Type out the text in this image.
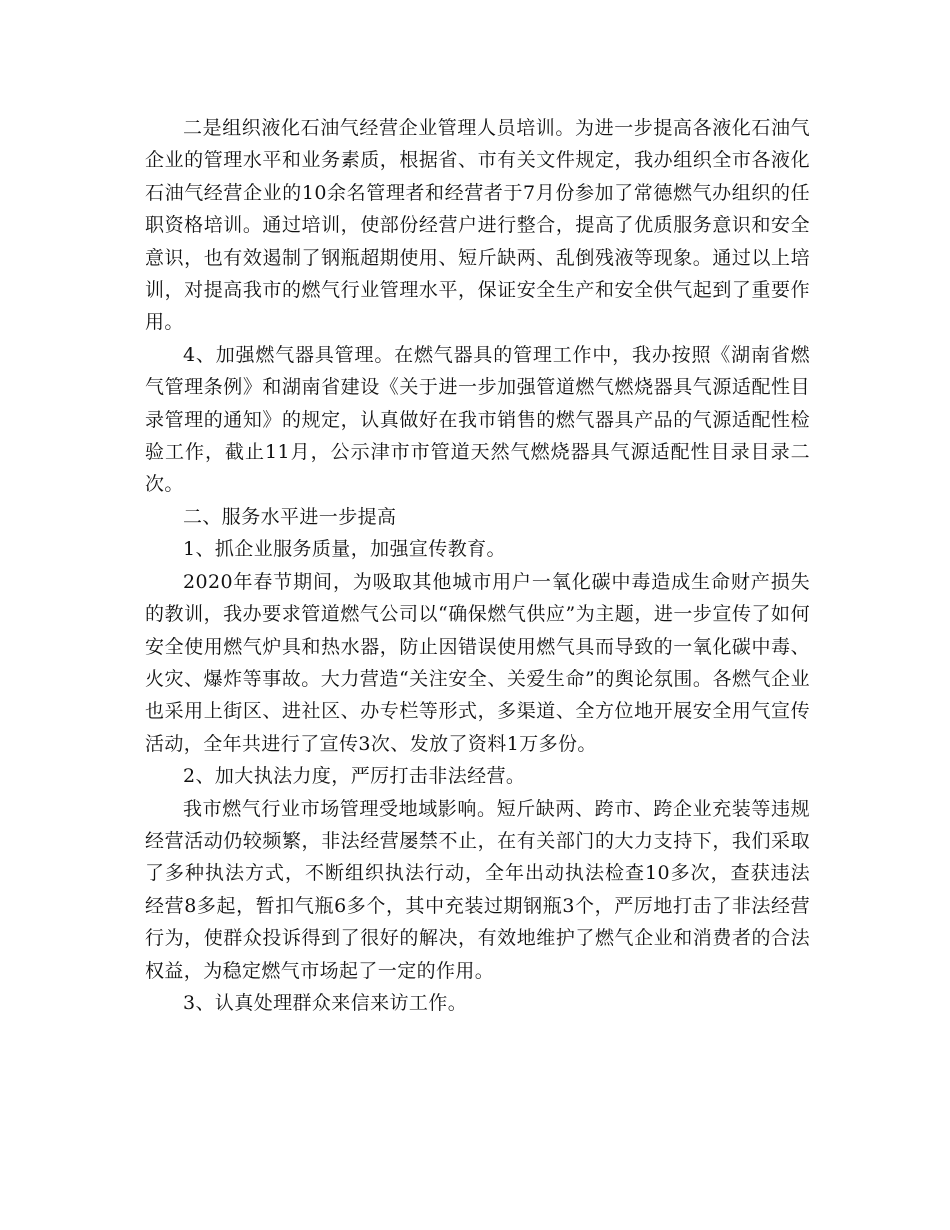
二是组织液化石油气经营企业管理人员培训。为进一步提高各液化石油气企业的管理水平和业务素质，根据省、市有关文件规定，我办组织全市各液化石油气经营企业的10余名管理者和经营者于7月份参加了常德燃气办组织的任职资格培训。通过培训，使部份经营户进行整合，提高了优质服务意识和安全意识，也有效遏制了钢瓶超期使用、短斤缺两、乱倒残液等现象。通过以上培训，对提高我市的燃气行业管理水平，保证安全生产和安全供气起到了重要作用。

4、加强燃气器具管理。在燃气器具的管理工作中，我办按照《湖南省燃气管理条例》和湖南省建设《关于进一步加强管道燃气燃烧器具气源适配性目录管理的通知》的规定，认真做好在我市销售的燃气器具产品的气源适配性检验工作，截止11月，公示津市市管道天然气燃烧器具气源适配性目录目录二次。

二、服务水平进一步提高

1、抓企业服务质量，加强宣传教育。

2020年春节期间，为吸取其他城市用户一氧化碳中毒造成生命财产损失的教训，我办要求管道燃气公司以“确保燃气供应”为主题，进一步宣传了如何安全使用燃气炉具和热水器，防止因错误使用燃气具而导致的一氧化碳中毒、火灾、爆炸等事故。大力营造“关注安全、关爱生命”的舆论氛围。各燃气企业也采用上街区、进社区、办专栏等形式，多渠道、全方位地开展安全用气宣传活动，全年共进行了宣传3次、发放了资料1万多份。

2、加大执法力度，严厉打击非法经营。

我市燃气行业市场管理受地域影响。短斤缺两、跨市、跨企业充装等违规经营活动仍较频繁，非法经营屡禁不止，在有关部门的大力支持下，我们采取了多种执法方式，不断组织执法行动，全年出动执法检查10多次，查获违法经营8多起，暂扣气瓶6多个，其中充装过期钢瓶3个，严厉地打击了非法经营行为，使群众投诉得到了很好的解决，有效地维护了燃气企业和消费者的合法权益，为稳定燃气市场起了一定的作用。

3、认真处理群众来信来访工作。
